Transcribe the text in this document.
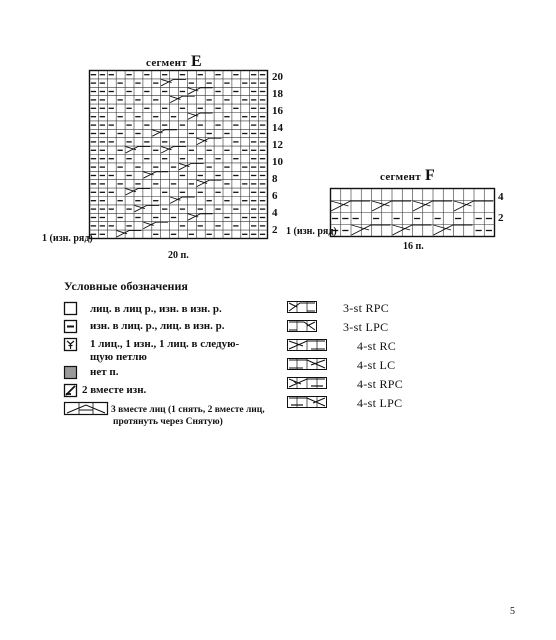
сегмент E
20
18
16
14
12
10
8
6
4
2
1 (изн. ряд)
20 п.
сегмент F
4
2
1 (изн. ряд)
16 п.
Условные обозначения
лиц. в лиц р., изн. в изн. р.
изн. в лиц. р., лиц. в изн. р.
1 лиц., 1 изн., 1 лиц. в следую-
щую петлю
нет п.
2 вместе изн.
3 вместе лиц (1 снять, 2 вместе лиц,
протянуть через Снятую)
3-st RPC
3-st LPC
4-st RC
4-st LC
4-st RPC
4-st LPC
5
